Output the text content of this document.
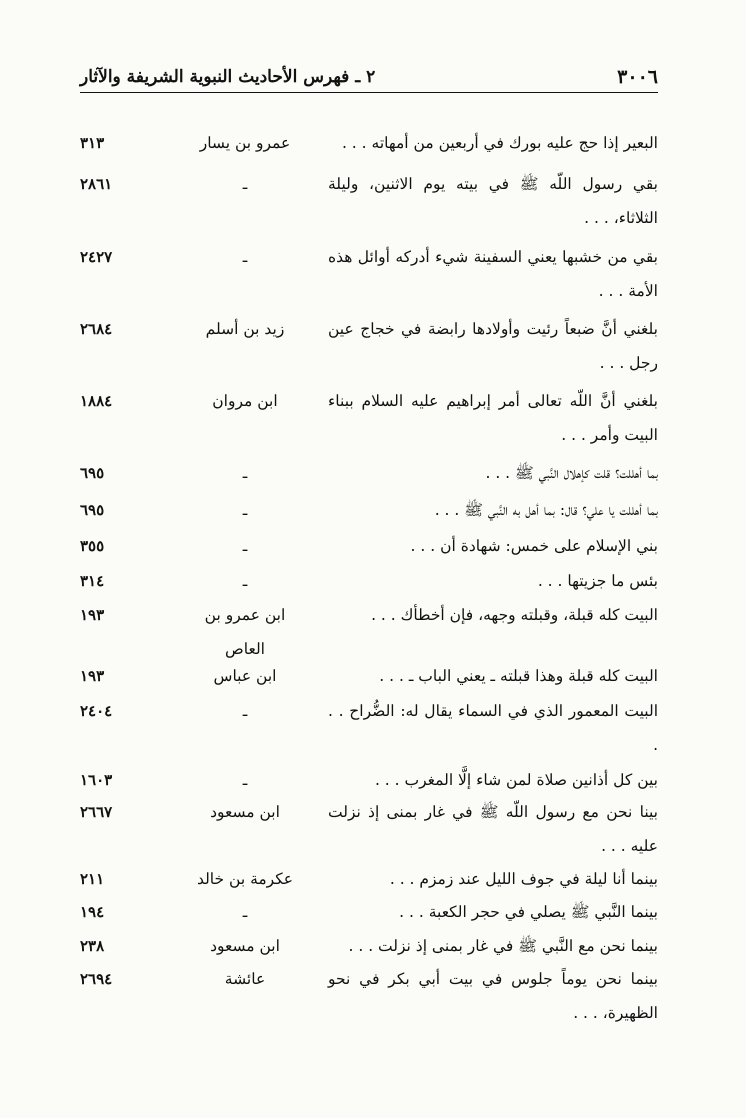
٣٠٠٦
٢ ـ فهرس الأحاديث النبوية الشريفة والآثار
البعير إذا حج عليه بورك في أربعين من أمهاته . . .
عمرو بن يسار
٣١٣
بقي رسول اللّه ﷺ في بيته يوم الاثنين، وليلة الثلاثاء، . . .
ـ
٢٨٦١
بقي من خشبها يعني السفينة شيء أدركه أوائل هذه الأمة . . .
ـ
٢٤٢٧
بلغني أنَّ ضبعاً رئيت وأولادها رابضة في خجاج عين رجل . . .
زيد بن أسلم
٢٦٨٤
بلغني أنَّ اللّه تعالى أمر إبراهيم عليه السلام ببناء البيت وأمر . . .
ابن مروان
١٨٨٤
بما أهللت؟ قلت كإهلال النَّبي ﷺ . . .
ـ
٦٩٥
بما أهللت يا علي؟ قال: بما أهل به النَّبي ﷺ . . .
ـ
٦٩٥
بني الإسلام على خمس: شهادة أن . . .
ـ
٣٥٥
بئس ما جزيتها . . .
ـ
٣١٤
البيت كله قبلة، وقبلته وجهه، فإن أخطأك . . .
ابن عمرو بن العاص
١٩٣
البيت كله قبلة وهذا قبلته ـ يعني الباب ـ . . .
ابن عباس
١٩٣
البيت المعمور الذي في السماء يقال له: الضُّراح . . .
ـ
٢٤٠٤
بين كل أذانين صلاة لمن شاء إلَّا المغرب . . .
ـ
١٦٠٣
بينا نحن مع رسول اللّه ﷺ في غار بمنى إذ نزلت عليه . . .
ابن مسعود
٢٦٦٧
بينما أنا ليلة في جوف الليل عند زمزم . . .
عكرمة بن خالد
٢١١
بينما النَّبي ﷺ يصلي في حجر الكعبة . . .
ـ
١٩٤
بينما نحن مع النَّبي ﷺ في غار بمنى إذ نزلت . . .
ابن مسعود
٢٣٨
بينما نحن يوماً جلوس في بيت أبي بكر في نحو الظهيرة، . . .
عائشة
٢٦٩٤
